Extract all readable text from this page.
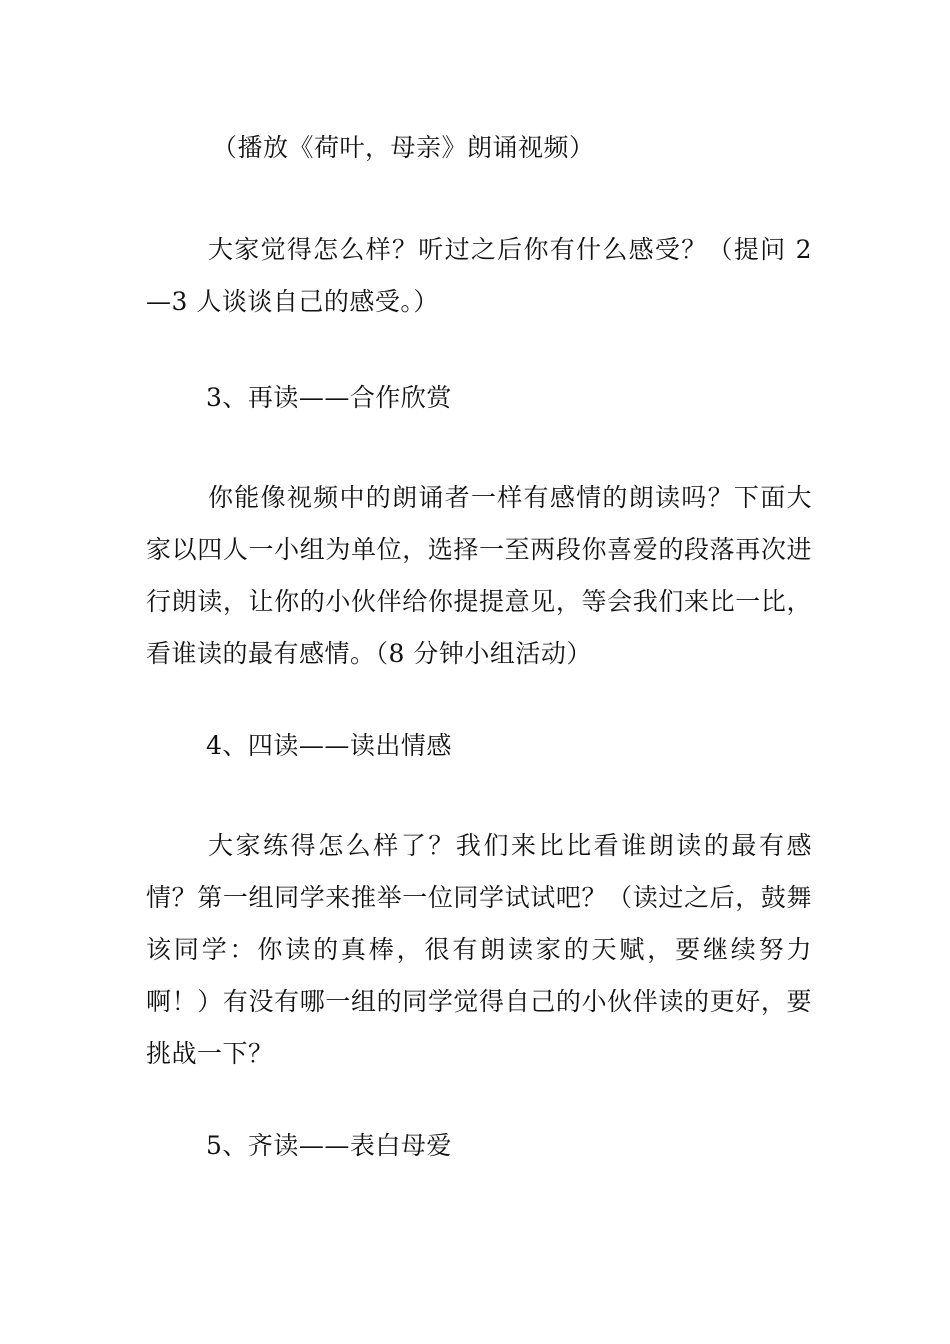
（播放《荷叶，母亲》朗诵视频）

大家觉得怎么样？听过之后你有什么感受？（提问 2—3 人谈谈自己的感受。）

3、再读——合作欣赏

你能像视频中的朗诵者一样有感情的朗读吗？下面大家以四人一小组为单位，选择一至两段你喜爱的段落再次进行朗读，让你的小伙伴给你提提意见，等会我们来比一比，看谁读的最有感情。（8 分钟小组活动）

4、四读——读出情感

大家练得怎么样了？我们来比比看谁朗读的最有感情？第一组同学来推举一位同学试试吧？（读过之后，鼓舞该同学：你读的真棒，很有朗读家的天赋，要继续努力啊！）有没有哪一组的同学觉得自己的小伙伴读的更好，要挑战一下？

5、齐读——表白母爱
